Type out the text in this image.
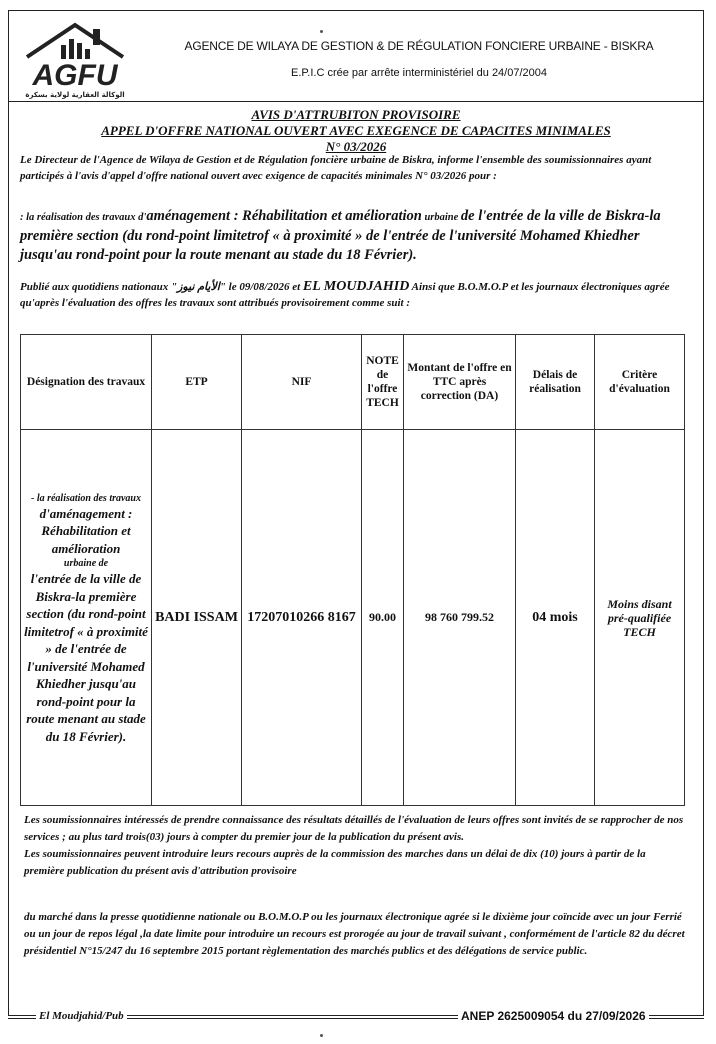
AGFU
الوكالة العقارية لولاية بسكرة
AGENCE DE WILAYA DE GESTION & DE RÉGULATION FONCIERE URBAINE - BISKRA
E.P.I.C crée par arrête interministériel du 24/07/2004
AVIS D'ATTRUBITON PROVISOIRE
APPEL D'OFFRE NATIONAL OUVERT AVEC EXEGENCE DE CAPACITES MINIMALES
N° 03/2026
Le Directeur de l'Agence de Wilaya de Gestion et de Régulation foncière urbaine de Biskra, informe l'ensemble des soumissionnaires ayant participés à l'avis d'appel d'offre national ouvert avec exigence de capacités minimales N° 03/2026 pour :
: la réalisation des travaux d'aménagement : Réhabilitation et amélioration urbaine de l'entrée de la ville de Biskra-la première section (du rond-point limitetrof « à proximité » de l'entrée de l'université Mohamed Khiedher jusqu'au rond-point pour la route menant au stade du 18 Février).
Publié aux quotidiens nationaux "الأيام نيوز" le 09/08/2026 et EL MOUDJAHID Ainsi que B.O.M.O.P et les journaux électroniques agrée qu'après l'évaluation des offres les travaux sont attribués provisoirement comme suit :
Désignation des travaux	ETP	NIF	NOTE de l'offre TECH	Montant de l'offre en TTC après correction (DA)	Délais de réalisation	Critère d'évaluation

- la réalisation des travaux
d'aménagement : Réhabilitation et amélioration
urbaine de
l'entrée de la ville de Biskra-la première section (du rond-point limitetrof « à proximité » de l'entrée de l'université Mohamed Khiedher jusqu'au rond-point pour la route menant au stade du 18 Février).	BADI ISSAM	17207010266 8167	90.00	98 760 799.52	04 mois	Moins disant pré-qualifiée TECH
Les soumissionnaires intéressés de prendre connaissance des résultats détaillés de l'évaluation de leurs offres sont invités de se rapprocher de nos services ; au plus tard trois(03) jours à compter du premier jour de la publication du présent avis.
Les soumissionnaires peuvent introduire leurs recours auprès de la commission des marches dans un délai de dix (10) jours à partir de la première publication du présent avis d'attribution provisoire
du marché dans la presse quotidienne nationale ou B.O.M.O.P ou les journaux électronique agrée si le dixième jour coïncide avec un jour Ferrié ou un jour de repos légal ,la date limite pour introduire un recours est prorogée au jour de travail suivant , conformément de l'article 82 du décret présidentiel N°15/247 du 16 septembre 2015 portant règlementation des marchés publics et des délégations de service public.
El Moudjahid/Pub	ANEP 2625009054 du 27/09/2026
